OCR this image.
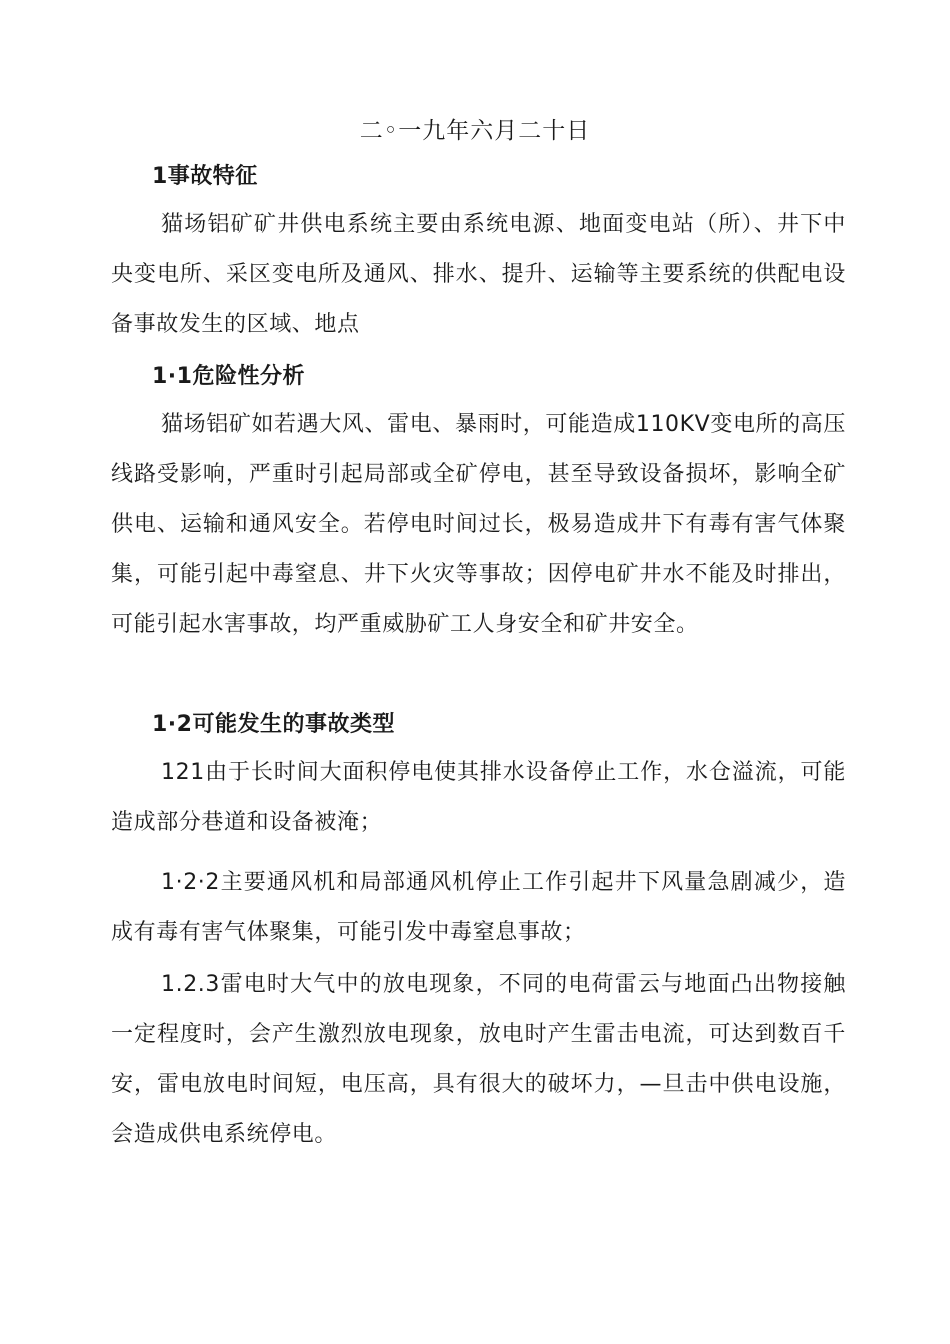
二◦一九年六月二十日
1事故特征

猫场铝矿矿井供电系统主要由系统电源、地面变电站（所）、井下中央变电所、采区变电所及通风、排水、提升、运输等主要系统的供配电设备事故发生的区域、地点

1·1危险性分析

猫场铝矿如若遇大风、雷电、暴雨时，可能造成110KV变电所的高压线路受影响，严重时引起局部或全矿停电，甚至导致设备损坏，影响全矿供电、运输和通风安全。若停电时间过长，极易造成井下有毒有害气体聚集，可能引起中毒窒息、井下火灾等事故；因停电矿井水不能及时排出，可能引起水害事故，均严重威胁矿工人身安全和矿井安全。

1·2可能发生的事故类型

121由于长时间大面积停电使其排水设备停止工作，水仓溢流，可能造成部分巷道和设备被淹；

1·2·2主要通风机和局部通风机停止工作引起井下风量急剧减少，造成有毒有害气体聚集，可能引发中毒窒息事故；

1.2.3雷电时大气中的放电现象，不同的电荷雷云与地面凸出物接触一定程度时，会产生激烈放电现象，放电时产生雷击电流，可达到数百千安，雷电放电时间短，电压高，具有很大的破坏力，—旦击中供电设施，会造成供电系统停电。
